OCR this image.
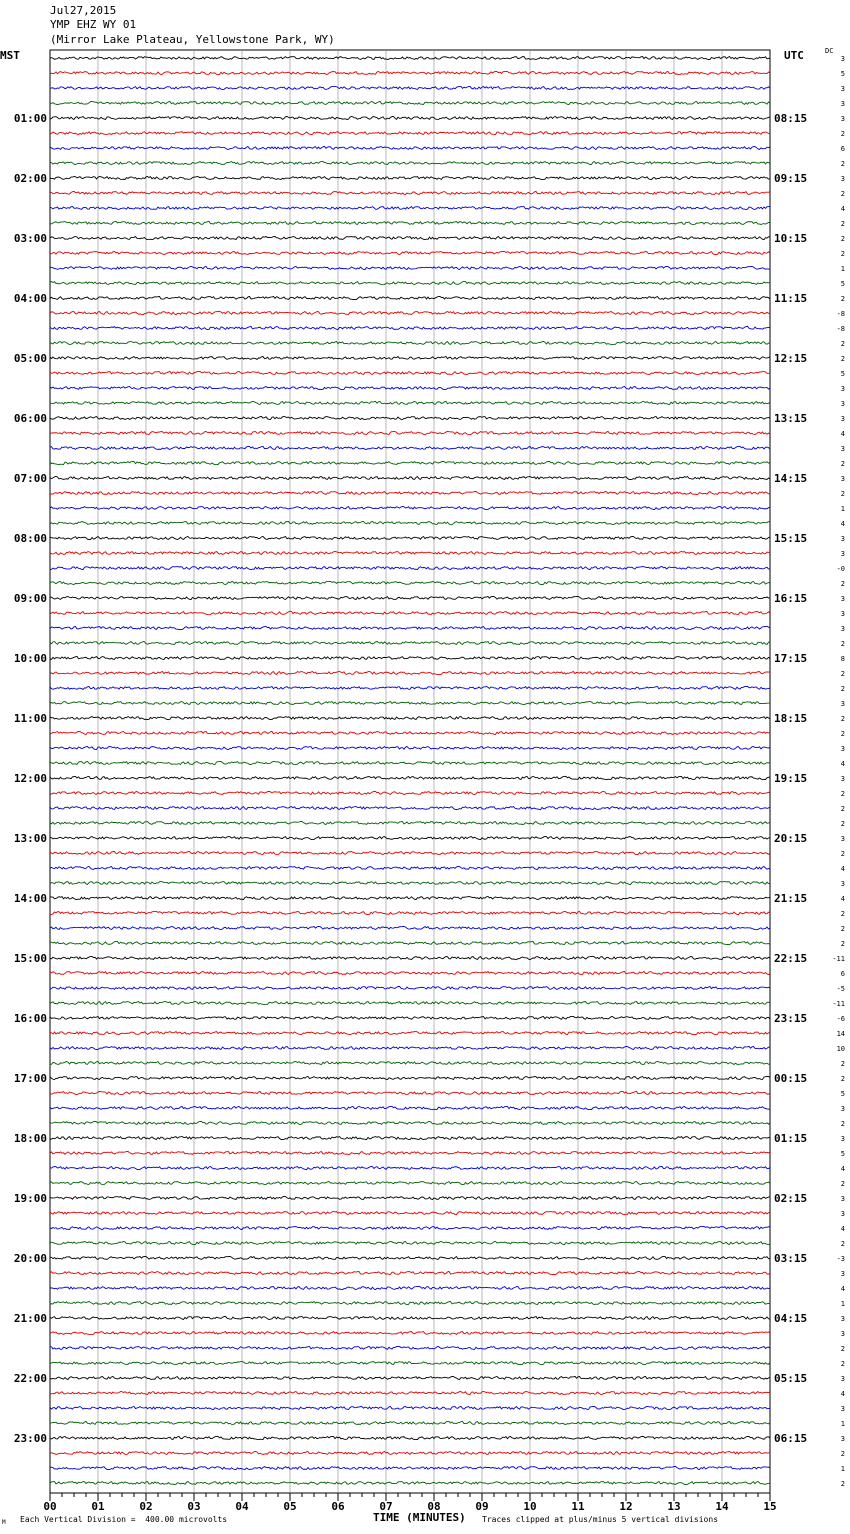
Jul27,2015
YMP EHZ WY 01
(Mirror Lake Plateau, Yellowstone Park, WY)
MST	UTC	DC
01:00
02:00
03:00
04:00
05:00
06:00
07:00
08:00
09:00
10:00
11:00
12:00
13:00
14:00
15:00
16:00
17:00
18:00
19:00
20:00
21:00
22:00
23:00
08:15
09:15
10:15
11:15
12:15
13:15
14:15
15:15
16:15
17:15
18:15
19:15
20:15
21:15
22:15
23:15
00:15
01:15
02:15
03:15
04:15
05:15
06:15
3
5
3
3
3
2
6
2
3
2
4
2
2
2
1
5
2
-8
-8
2
2
5
3
3
3
4
3
2
3
2
1
4
3
3
-0
2
3
3
3
2
8
2
2
3
2
2
3
4
3
2
2
2
3
2
4
3
4
2
2
2
-11
6
-5
-11
-6
14
10
2
2
5
3
2
3
5
4
2
3
3
4
2
-3
3
4
1
3
3
2
2
3
4
3
1
3
2
1
2
00	01	02	03	04	05	06	07	08	09	10	11	12	13	14	15
M Each Vertical Division =  400.00 microvolts	TIME (MINUTES) Traces clipped at plus/minus 5 vertical divisions
